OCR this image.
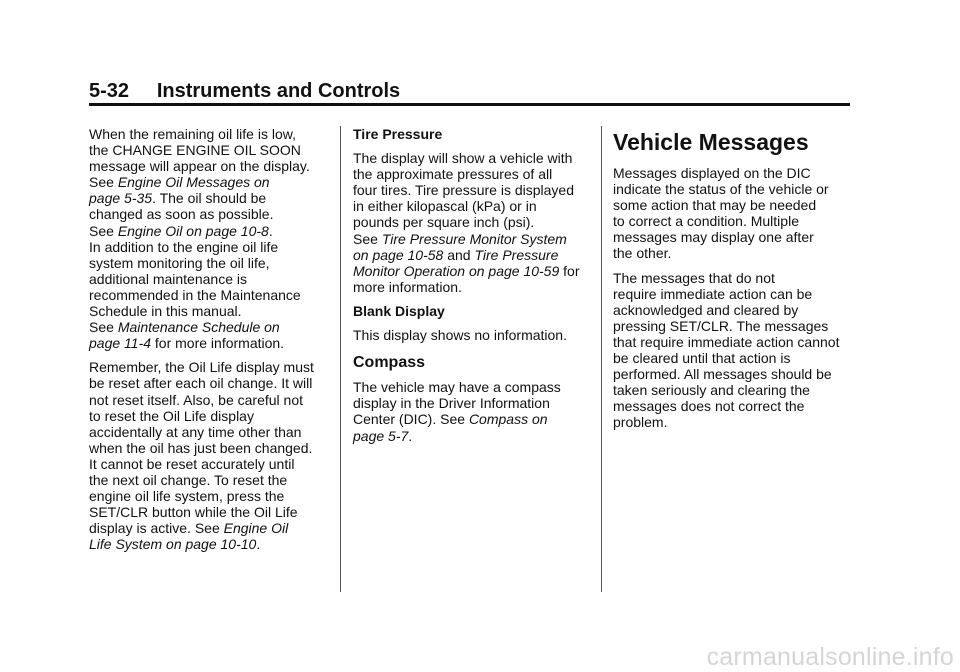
5-32     Instruments and Controls

When the remaining oil life is low,
the CHANGE ENGINE OIL SOON
message will appear on the display.
See Engine Oil Messages on
page 5-35. The oil should be
changed as soon as possible.
See Engine Oil on page 10-8.
In addition to the engine oil life
system monitoring the oil life,
additional maintenance is
recommended in the Maintenance
Schedule in this manual.
See Maintenance Schedule on
page 11-4 for more information.

Remember, the Oil Life display must
be reset after each oil change. It will
not reset itself. Also, be careful not
to reset the Oil Life display
accidentally at any time other than
when the oil has just been changed.
It cannot be reset accurately until
the next oil change. To reset the
engine oil life system, press the
SET/CLR button while the Oil Life
display is active. See Engine Oil
Life System on page 10-10.

Tire Pressure

The display will show a vehicle with
the approximate pressures of all
four tires. Tire pressure is displayed
in either kilopascal (kPa) or in
pounds per square inch (psi).
See Tire Pressure Monitor System
on page 10-58 and Tire Pressure
Monitor Operation on page 10-59 for
more information.

Blank Display

This display shows no information.

Compass

The vehicle may have a compass
display in the Driver Information
Center (DIC). See Compass on
page 5-7.

Vehicle Messages

Messages displayed on the DIC
indicate the status of the vehicle or
some action that may be needed
to correct a condition. Multiple
messages may display one after
the other.

The messages that do not
require immediate action can be
acknowledged and cleared by
pressing SET/CLR. The messages
that require immediate action cannot
be cleared until that action is
performed. All messages should be
taken seriously and clearing the
messages does not correct the
problem.

carmanualsonline.info
